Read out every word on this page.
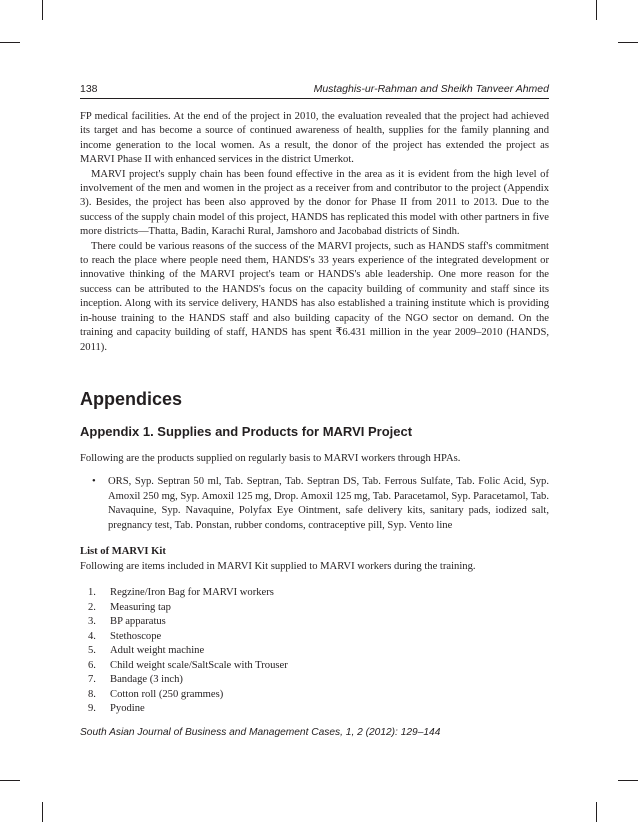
138	Mustaghis-ur-Rahman and Sheikh Tanveer Ahmed

FP medical facilities. At the end of the project in 2010, the evaluation revealed that the project had achieved its target and has become a source of continued awareness of health, supplies for the family planning and income generation to the local women. As a result, the donor of the project has extended the project as MARVI Phase II with enhanced services in the district Umerkot.

MARVI project's supply chain has been found effective in the area as it is evident from the high level of involvement of the men and women in the project as a receiver from and contributor to the project (Appendix 3). Besides, the project has been also approved by the donor for Phase II from 2011 to 2013. Due to the success of the supply chain model of this project, HANDS has replicated this model with other partners in five more districts—Thatta, Badin, Karachi Rural, Jamshoro and Jacobabad districts of Sindh.

There could be various reasons of the success of the MARVI projects, such as HANDS staff's commitment to reach the place where people need them, HANDS's 33 years experience of the integrated development or innovative thinking of the MARVI project's team or HANDS's able leadership. One more reason for the success can be attributed to the HANDS's focus on the capacity building of community and staff since its inception. Along with its service delivery, HANDS has also established a training institute which is providing in-house training to the HANDS staff and also building capacity of the NGO sector on demand. On the training and capacity building of staff, HANDS has spent ₹6.431 million in the year 2009–2010 (HANDS, 2011).

Appendices
Appendix 1. Supplies and Products for MARVI Project
Following are the products supplied on regularly basis to MARVI workers through HPAs.
•	ORS, Syp. Septran 50 ml, Tab. Septran, Tab. Septran DS, Tab. Ferrous Sulfate, Tab. Folic Acid, Syp. Amoxil 250 mg, Syp. Amoxil 125 mg, Drop. Amoxil 125 mg, Tab. Paracetamol, Syp. Paracetamol, Tab. Navaquine, Syp. Navaquine, Polyfax Eye Ointment, safe delivery kits, sanitary pads, iodized salt, pregnancy test, Tab. Ponstan, rubber condoms, contraceptive pill, Syp. Vento line
List of MARVI Kit
Following are items included in MARVI Kit supplied to MARVI workers during the training.
1.	Regzine/Iron Bag for MARVI workers
2.	Measuring tap
3.	BP apparatus
4.	Stethoscope
5.	Adult weight machine
6.	Child weight scale/SaltScale with Trouser
7.	Bandage (3 inch)
8.	Cotton roll (250 grammes)
9.	Pyodine
South Asian Journal of Business and Management Cases, 1, 2 (2012): 129–144
